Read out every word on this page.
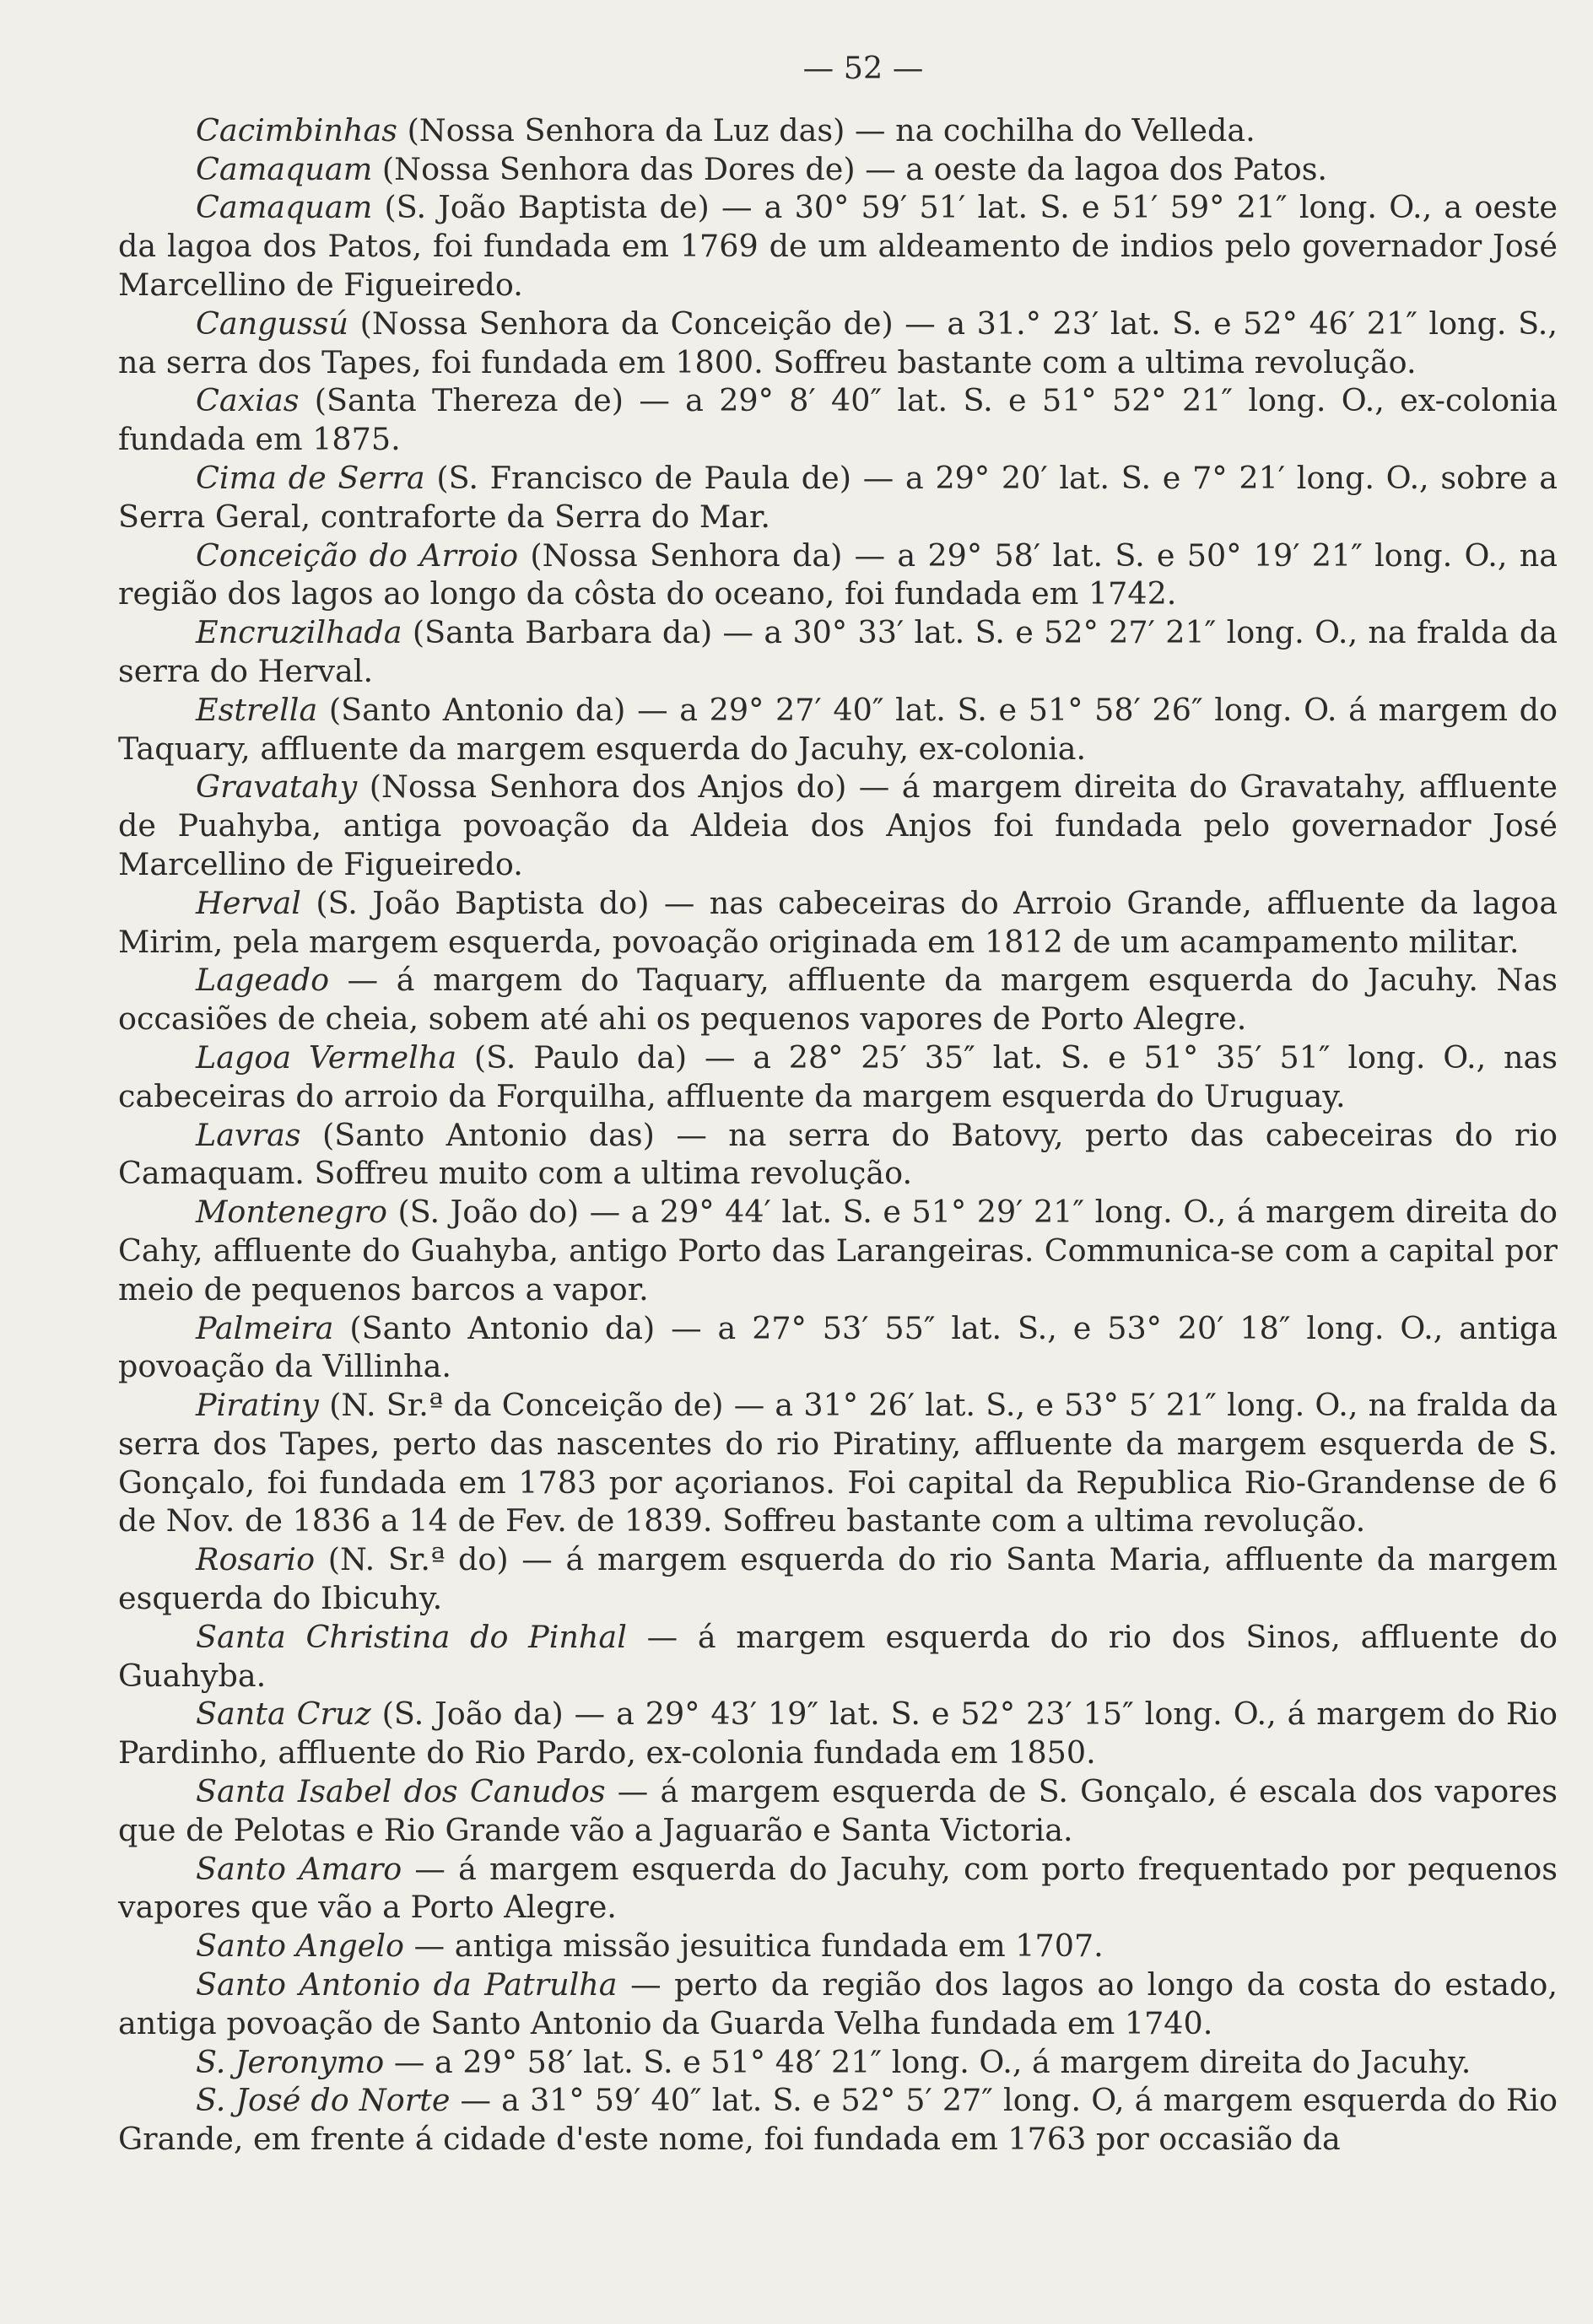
— 52 —

Cacimbinhas (Nossa Senhora da Luz das) — na cochilha do Velleda.

Camaquam (Nossa Senhora das Dores de) — a oeste da lagoa dos Patos.

Camaquam (S. João Baptista de) — a 30° 59′ 51′ lat. S. e 51′ 59° 21″ long. O., a oeste da lagoa dos Patos, foi fundada em 1769 de um aldeamento de indios pelo governador José Marcellino de Figueiredo.

Cangussú (Nossa Senhora da Conceição de) — a 31.° 23′ lat. S. e 52° 46′ 21″ long. S., na serra dos Tapes, foi fundada em 1800. Soffreu bastante com a ultima revolução.

Caxias (Santa Thereza de) — a 29° 8′ 40″ lat. S. e 51° 52° 21″ long. O., ex-colonia fundada em 1875.

Cima de Serra (S. Francisco de Paula de) — a 29° 20′ lat. S. e 7° 21′ long. O., sobre a Serra Geral, contraforte da Serra do Mar.

Conceição do Arroio (Nossa Senhora da) — a 29° 58′ lat. S. e 50° 19′ 21″ long. O., na região dos lagos ao longo da côsta do oceano, foi fundada em 1742.

Encruzilhada (Santa Barbara da) — a 30° 33′ lat. S. e 52° 27′ 21″ long. O., na fralda da serra do Herval.

Estrella (Santo Antonio da) — a 29° 27′ 40″ lat. S. e 51° 58′ 26″ long. O. á margem do Taquary, affluente da margem esquerda do Jacuhy, ex-colonia.

Gravatahy (Nossa Senhora dos Anjos do) — á margem direita do Gravatahy, affluente de Puahyba, antiga povoação da Aldeia dos Anjos foi fundada pelo governador José Marcellino de Figueiredo.

Herval (S. João Baptista do) — nas cabeceiras do Arroio Grande, affluente da lagoa Mirim, pela margem esquerda, povoação originada em 1812 de um acampamento militar.

Lageado — á margem do Taquary, affluente da margem esquerda do Jacuhy. Nas occasiões de cheia, sobem até ahi os pequenos vapores de Porto Alegre.

Lagoa Vermelha (S. Paulo da) — a 28° 25′ 35″ lat. S. e 51° 35′ 51″ long. O., nas cabeceiras do arroio da Forquilha, affluente da margem esquerda do Uruguay.

Lavras (Santo Antonio das) — na serra do Batovy, perto das cabeceiras do rio Camaquam. Soffreu muito com a ultima revolução.

Montenegro (S. João do) — a 29° 44′ lat. S. e 51° 29′ 21″ long. O., á margem direita do Cahy, affluente do Guahyba, antigo Porto das Larangeiras. Communica-se com a capital por meio de pequenos barcos a vapor.

Palmeira (Santo Antonio da) — a 27° 53′ 55″ lat. S., e 53° 20′ 18″ long. O., antiga povoação da Villinha.

Piratiny (N. Sr.ª da Conceição de) — a 31° 26′ lat. S., e 53° 5′ 21″ long. O., na fralda da serra dos Tapes, perto das nascentes do rio Piratiny, affluente da margem esquerda de S. Gonçalo, foi fundada em 1783 por açorianos. Foi capital da Republica Rio-Grandense de 6 de Nov. de 1836 a 14 de Fev. de 1839. Soffreu bastante com a ultima revolução.

Rosario (N. Sr.ª do) — á margem esquerda do rio Santa Maria, affluente da margem esquerda do Ibicuhy.

Santa Christina do Pinhal — á margem esquerda do rio dos Sinos, affluente do Guahyba.

Santa Cruz (S. João da) — a 29° 43′ 19″ lat. S. e 52° 23′ 15″ long. O., á margem do Rio Pardinho, affluente do Rio Pardo, ex-colonia fundada em 1850.

Santa Isabel dos Canudos — á margem esquerda de S. Gonçalo, é escala dos vapores que de Pelotas e Rio Grande vão a Jaguarão e Santa Victoria.

Santo Amaro — á margem esquerda do Jacuhy, com porto frequentado por pequenos vapores que vão a Porto Alegre.

Santo Angelo — antiga missão jesuitica fundada em 1707.

Santo Antonio da Patrulha — perto da região dos lagos ao longo da costa do estado, antiga povoação de Santo Antonio da Guarda Velha fundada em 1740.

S. Jeronymo — a 29° 58′ lat. S. e 51° 48′ 21″ long. O., á margem direita do Jacuhy.

S. José do Norte — a 31° 59′ 40″ lat. S. e 52° 5′ 27″ long. O, á margem esquerda do Rio Grande, em frente á cidade d'este nome, foi fundada em 1763 por occasião da
